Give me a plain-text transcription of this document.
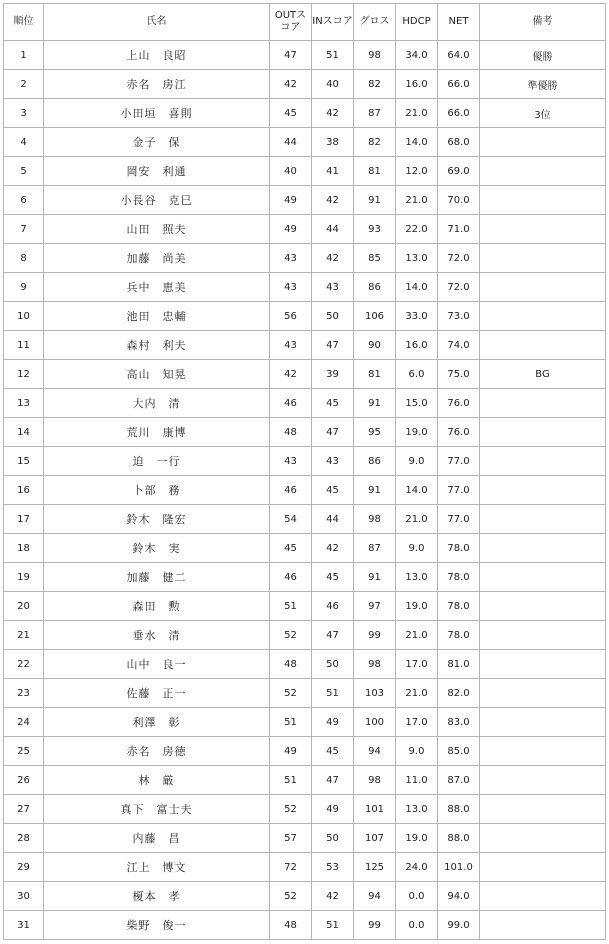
順位	氏名	OUTスコア	INスコア	グロス	HDCP	NET	備考
1	上山　良昭	47	51	98	34.0	64.0	優勝
2	赤名　房江	42	40	82	16.0	66.0	準優勝
3	小田垣　喜則	45	42	87	21.0	66.0	3位
4	金子　保	44	38	82	14.0	68.0	
5	岡安　利通	40	41	81	12.0	69.0	
6	小長谷　克巳	49	42	91	21.0	70.0	
7	山田　照夫	49	44	93	22.0	71.0	
8	加藤　尚美	43	42	85	13.0	72.0	
9	兵中　恵美	43	43	86	14.0	72.0	
10	池田　忠輔	56	50	106	33.0	73.0	
11	森村　利夫	43	47	90	16.0	74.0	
12	高山　知晃	42	39	81	6.0	75.0	BG
13	大内　清	46	45	91	15.0	76.0	
14	荒川　康博	48	47	95	19.0	76.0	
15	迫　一行	43	43	86	9.0	77.0	
16	卜部　務	46	45	91	14.0	77.0	
17	鈴木　隆宏	54	44	98	21.0	77.0	
18	鈴木　実	45	42	87	9.0	78.0	
19	加藤　健二	46	45	91	13.0	78.0	
20	森田　勲	51	46	97	19.0	78.0	
21	垂水　清	52	47	99	21.0	78.0	
22	山中　良一	48	50	98	17.0	81.0	
23	佐藤　正一	52	51	103	21.0	82.0	
24	利澤　彰	51	49	100	17.0	83.0	
25	赤名　房徳	49	45	94	9.0	85.0	
26	林　厳	51	47	98	11.0	87.0	
27	真下　富士夫	52	49	101	13.0	88.0	
28	内藤　昌	57	50	107	19.0	88.0	
29	江上　博文	72	53	125	24.0	101.0	
30	榎本　孝	52	42	94	0.0	94.0	
31	柴野　俊一	48	51	99	0.0	99.0	
